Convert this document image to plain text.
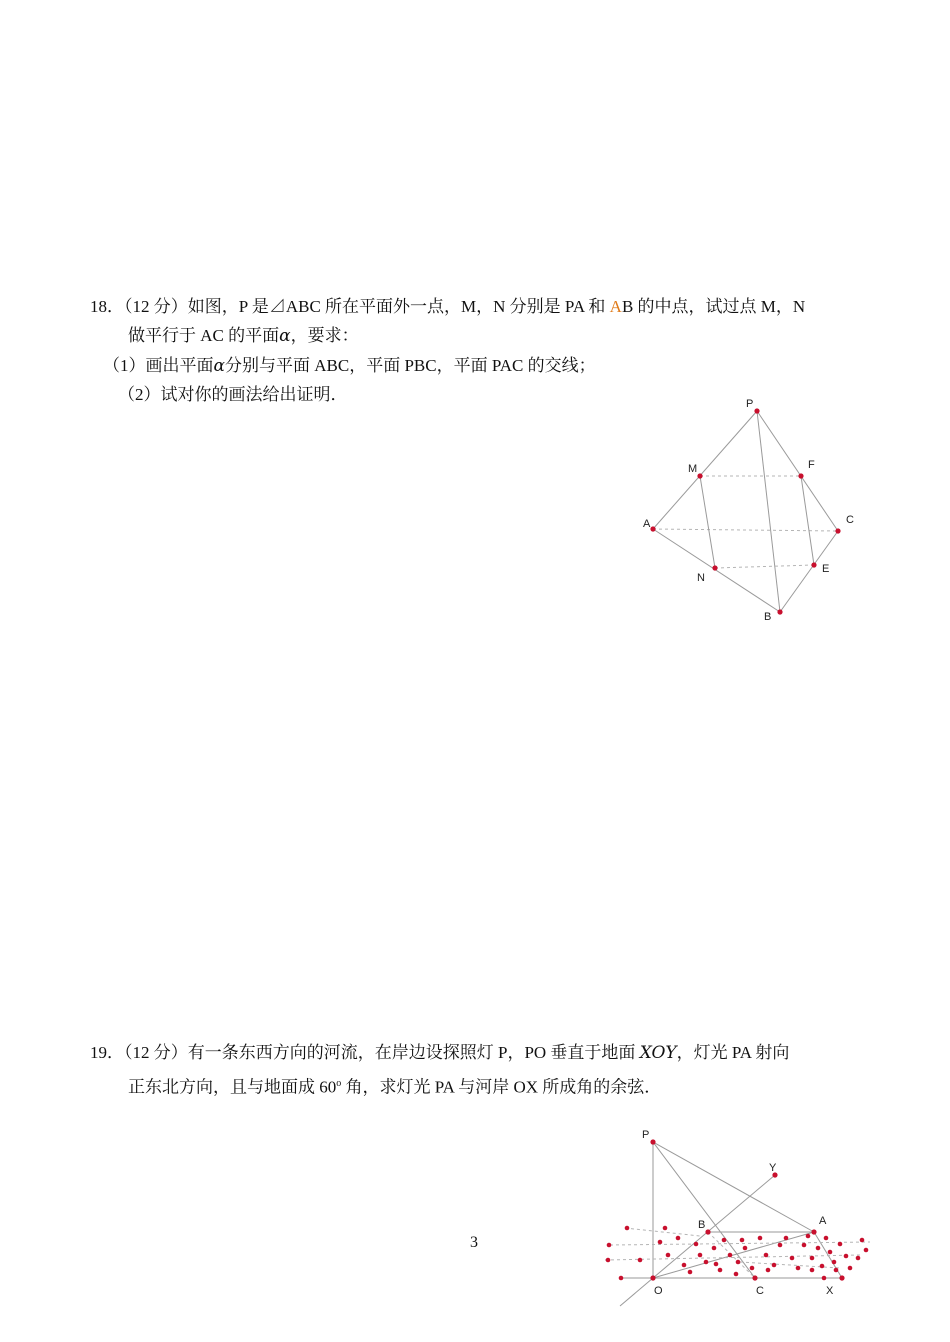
18．（12 分）如图，P 是⊿ABC 所在平面外一点，M，N 分别是 PA 和 AB 的中点，试过点 M，N
做平行于 AC 的平面α，要求：
（1）画出平面α分别与平面 ABC，平面 PBC，平面 PAC 的交线；
（2）试对你的画法给出证明．	P
M	F
A	C
N
E
B
19．（12 分）有一条东西方向的河流，在岸边设探照灯 P，PO 垂直于地面 XOY，灯光 PA 射向
正东北方向，且与地面成 60$^o$ 角，求灯光 PA 与河岸 OX 所成角的余弦．
3
P
Y
B	A
O	C	X
